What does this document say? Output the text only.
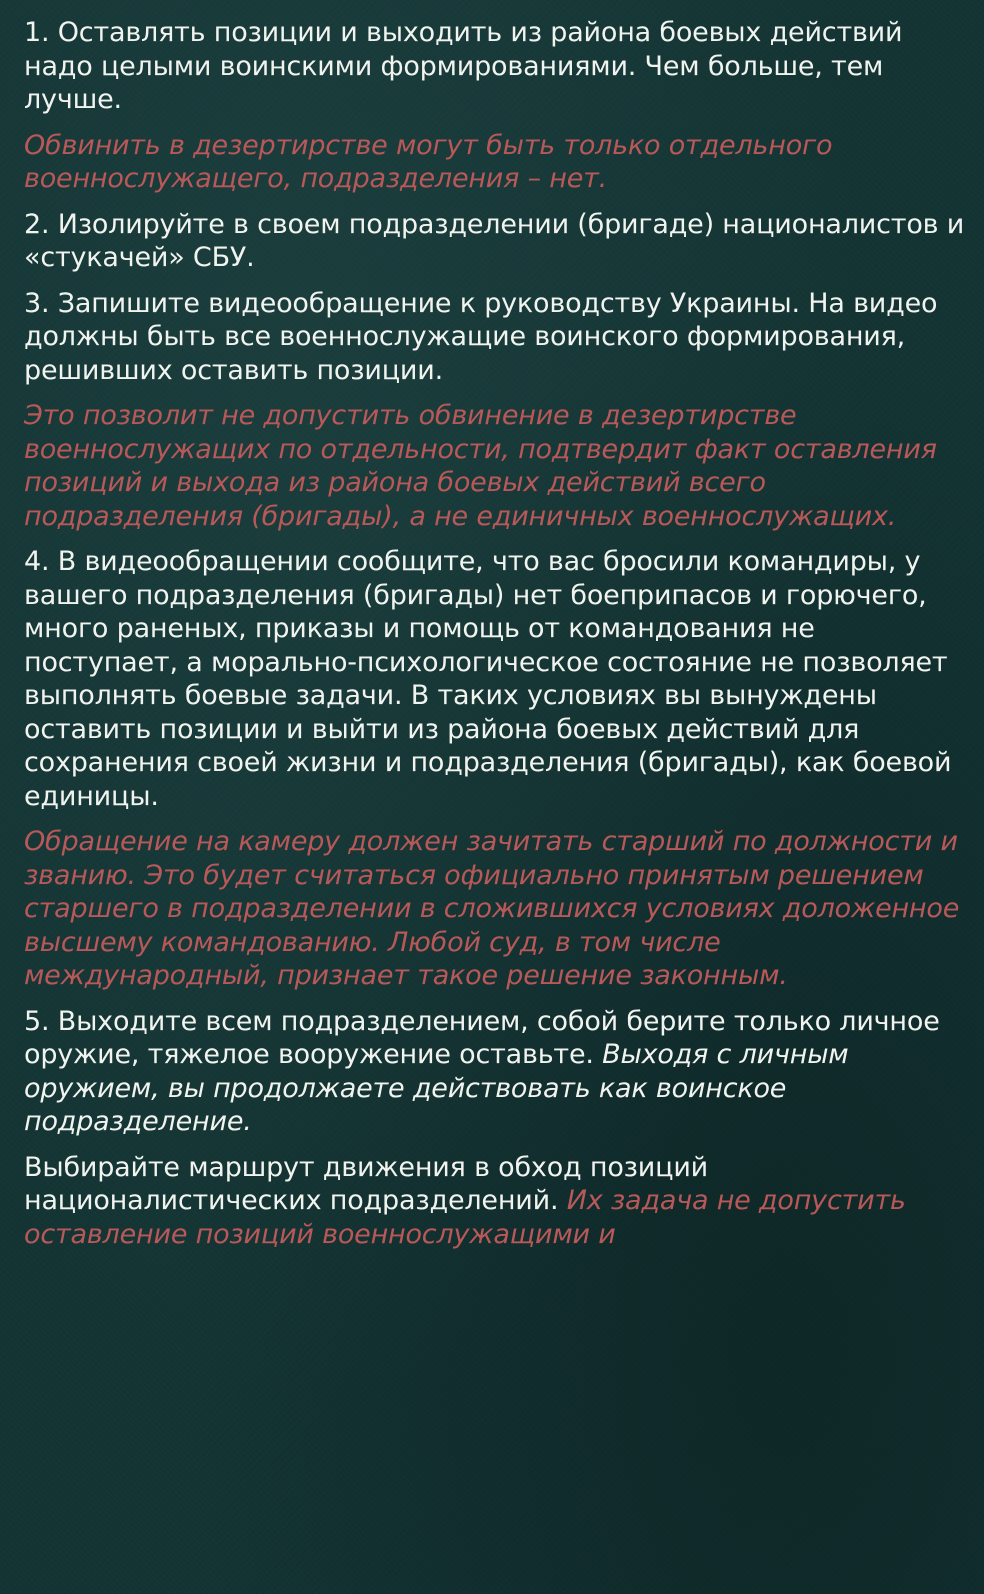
1. Оставлять позиции и выходить из района боевых действий надо целыми воинскими формированиями. Чем больше, тем лучше.

Обвинить в дезертирстве могут быть только отдельного военнослужащего, подразделения – нет.

2. Изолируйте в своем подразделении (бригаде) националистов и «стукачей» СБУ.

3. Запишите видеообращение к руководству Украины. На видео должны быть все военнослужащие воинского формирования, решивших оставить позиции.

Это позволит не допустить обвинение в дезертирстве военнослужащих по отдельности, подтвердит факт оставления позиций и выхода из района боевых действий всего подразделения (бригады), а не единичных военнослужащих.

4. В видеообращении сообщите, что вас бросили командиры, у вашего подразделения (бригады) нет боеприпасов и горючего, много раненых, приказы и помощь от командования не поступает, а морально-психологическое состояние не позволяет выполнять боевые задачи. В таких условиях вы вынуждены оставить позиции и выйти из района боевых действий для сохранения своей жизни и подразделения (бригады), как боевой единицы.

Обращение на камеру должен зачитать старший по должности и званию. Это будет считаться официально принятым решением старшего в подразделении в сложившихся условиях доложенное высшему командованию. Любой суд, в том числе международный, признает такое решение законным.

5. Выходите всем подразделением, собой берите только личное оружие, тяжелое вооружение оставьте. Выходя с личным оружием, вы продолжаете действовать как воинское подразделение.

Выбирайте маршрут движения в обход позиций националистических подразделений. Их задача не допустить оставление позиций военнослужащими и
